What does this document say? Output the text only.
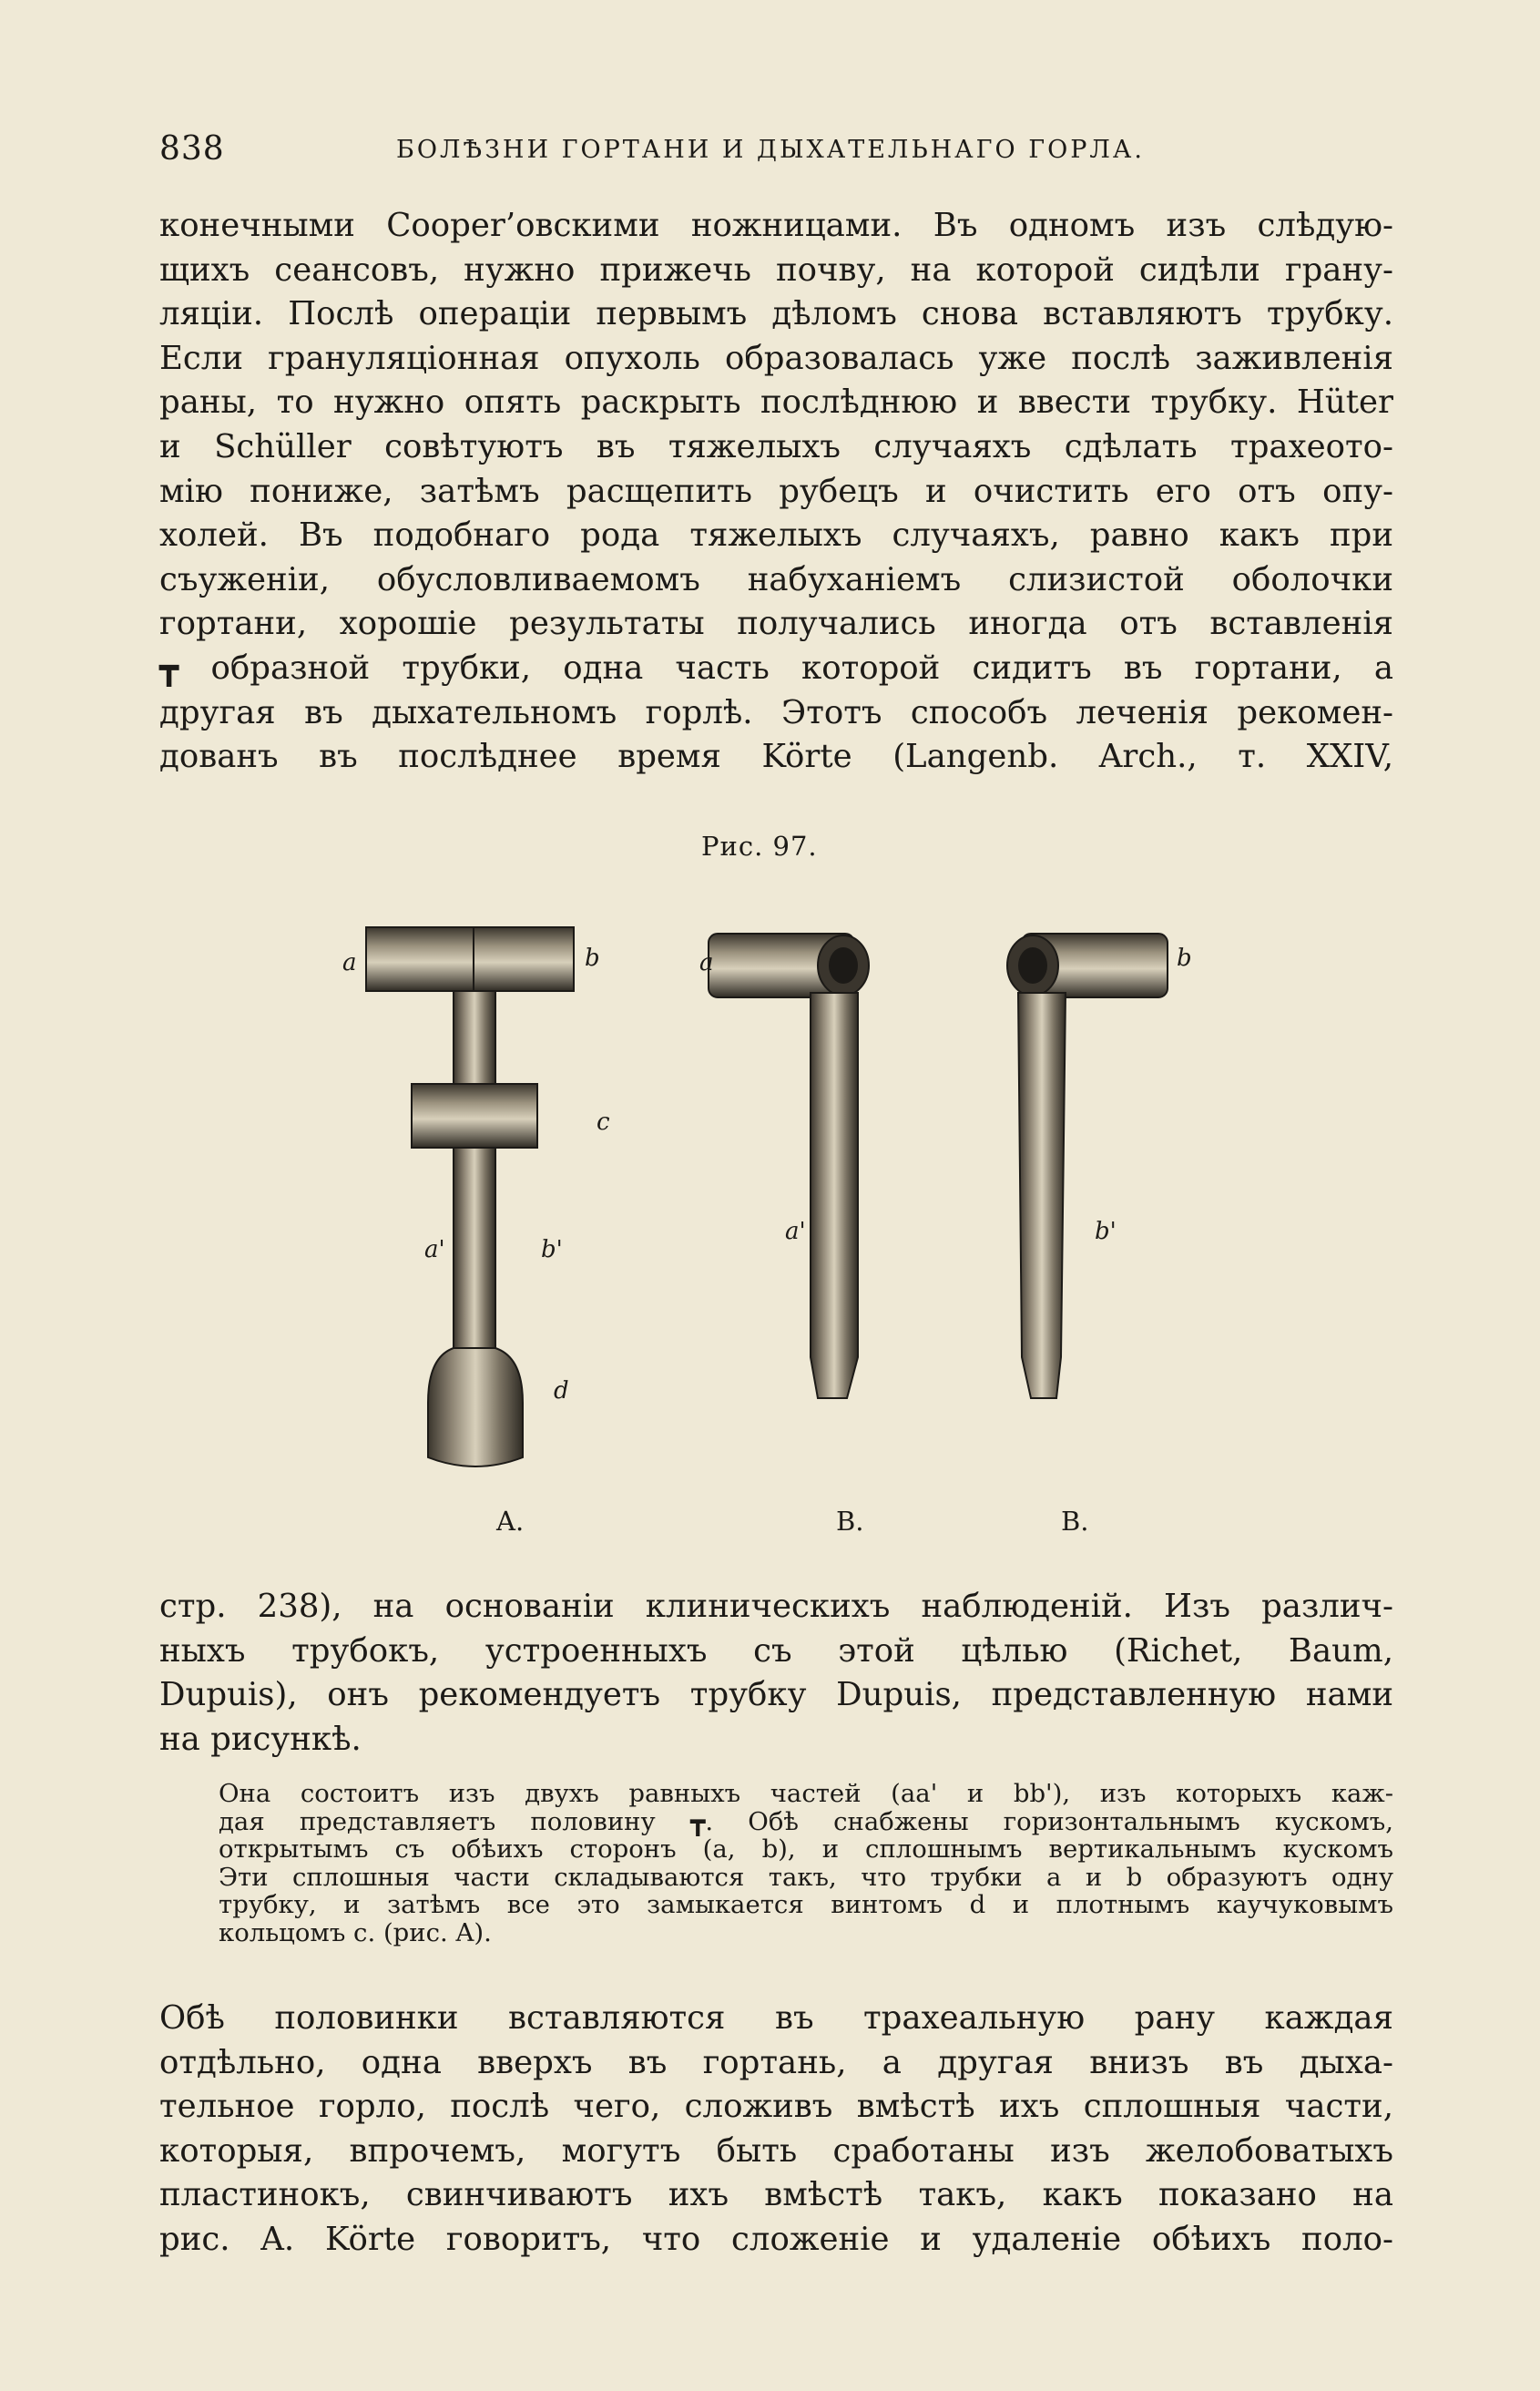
838	БОЛѢЗНИ ГОРТАНИ И ДЫХАТЕЛЬНАГО ГОРЛА.

конечными Cooper’овскими ножницами. Въ одномъ изъ слѣдую-
щихъ сеансовъ, нужно прижечь почву, на которой сидѣли грану-
ляціи. Послѣ операціи первымъ дѣломъ снова вставляютъ трубку.
Если грануляціонная опухоль образовалась уже послѣ заживленія
раны, то нужно опять раскрыть послѣднюю и ввести трубку. Hüter
и Schüller совѣтуютъ въ тяжелыхъ случаяхъ сдѣлать трахеото-
мію пониже, затѣмъ расщепить рубецъ и очистить его отъ опу-
холей. Въ подобнаго рода тяжелыхъ случаяхъ, равно какъ при
съуженіи, обусловливаемомъ набуханіемъ слизистой оболочки
гортани, хорошіе результаты получались иногда отъ вставленія
┳ образной трубки, одна часть которой сидитъ въ гортани, а
другая въ дыхательномъ горлѣ. Этотъ способъ леченія рекомен-
дованъ въ послѣднее время Körte (Langenb. Arch., т. XXIV,

Рис. 97.
a	b
c
a'	b'
d
a
a'
b
b'
A.	B.	B.

стр. 238), на основаніи клиническихъ наблюденій. Изъ различ-
ныхъ трубокъ, устроенныхъ съ этой цѣлью (Richet, Baum,
Dupuis), онъ рекомендуетъ трубку Dupuis, представленную нами
на рисункѣ.

Она состоитъ изъ двухъ равныхъ частей (aa' и bb'), изъ которыхъ каж-
дая представляетъ половину ┳. Обѣ снабжены горизонтальнымъ кускомъ,
открытымъ съ обѣихъ сторонъ (a, b), и сплошнымъ вертикальнымъ кускомъ
Эти сплошныя части складываются такъ, что трубки a и b образуютъ одну
трубку, и затѣмъ все это замыкается винтомъ d и плотнымъ каучуковымъ
кольцомъ c. (рис. A).

Обѣ половинки вставляются въ трахеальную рану каждая
отдѣльно, одна вверхъ въ гортань, а другая внизъ въ дыха-
тельное горло, послѣ чего, сложивъ вмѣстѣ ихъ сплошныя части,
которыя, впрочемъ, могутъ быть сработаны изъ желобоватыхъ
пластинокъ, свинчиваютъ ихъ вмѣстѣ такъ, какъ показано на
рис. A. Körte говоритъ, что сложеніе и удаленіе обѣихъ поло-
